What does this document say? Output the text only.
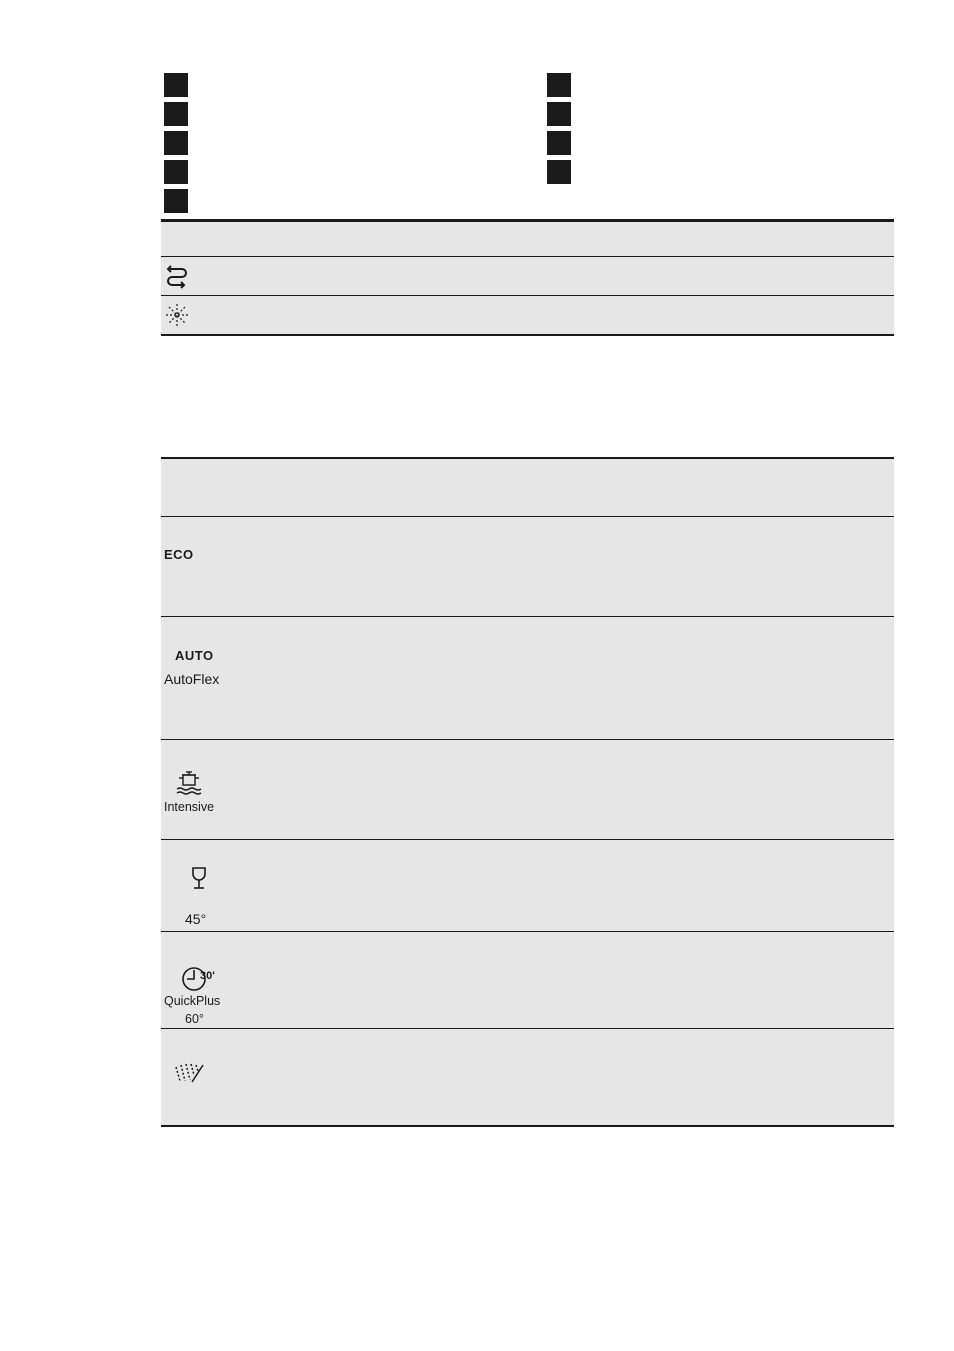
ECO
AUTO
AutoFlex
Intensive
45°
30'
QuickPlus
60°
